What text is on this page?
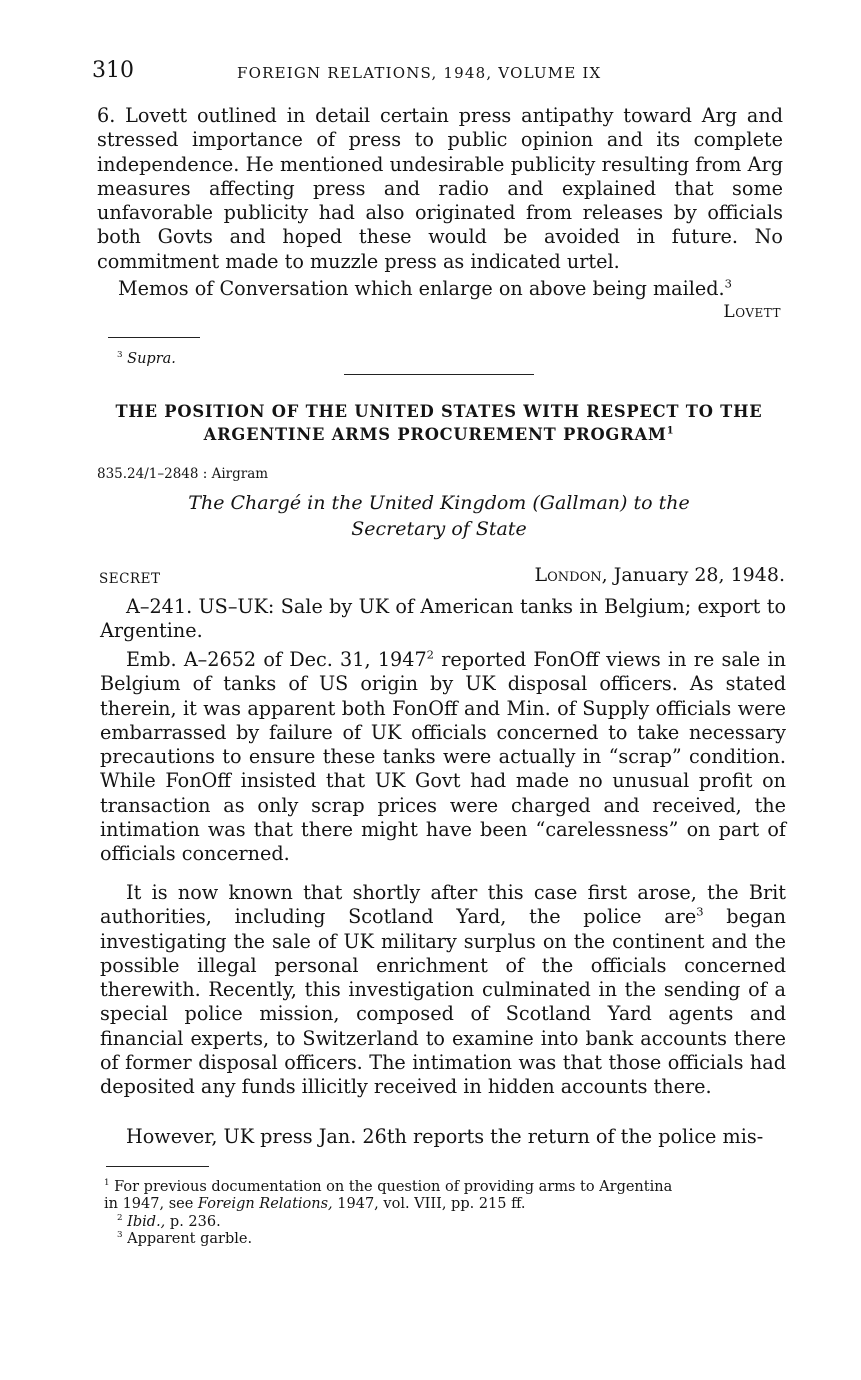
310	FOREIGN RELATIONS, 1948, VOLUME IX

6. Lovett outlined in detail certain press antipathy toward Arg and stressed importance of press to public opinion and its complete independence. He mentioned undesirable publicity resulting from Arg measures affecting press and radio and explained that some unfavorable publicity had also originated from releases by officials both Govts and hoped these would be avoided in future. No commitment made to muzzle press as indicated urtel.

Memos of Conversation which enlarge on above being mailed.$^3$

Lovett
$^3$ Supra.

THE POSITION OF THE UNITED STATES WITH RESPECT TO THE
ARGENTINE ARMS PROCUREMENT PROGRAM$^1$

835.24/1–2848 : Airgram

The Chargé in the United Kingdom (Gallman) to the
Secretary of State

SECRET	London, January 28, 1948.

A–241. US–UK: Sale by UK of American tanks in Belgium; export to Argentine.

Emb. A–2652 of Dec. 31, 1947$^2$ reported FonOff views in re sale in Belgium of tanks of US origin by UK disposal officers. As stated therein, it was apparent both FonOff and Min. of Supply officials were embarrassed by failure of UK officials concerned to take necessary precautions to ensure these tanks were actually in “scrap” condition. While FonOff insisted that UK Govt had made no unusual profit on transaction as only scrap prices were charged and received, the intimation was that there might have been “carelessness” on part of officials concerned.

It is now known that shortly after this case first arose, the Brit authorities, including Scotland Yard, the police are$^3$ began investigating the sale of UK military surplus on the continent and the possible illegal personal enrichment of the officials concerned therewith. Recently, this investigation culminated in the sending of a special police mission, composed of Scotland Yard agents and financial experts, to Switzerland to examine into bank accounts there of former disposal officers. The intimation was that those officials had deposited any funds illicitly received in hidden accounts there.

However, UK press Jan. 26th reports the return of the police mis-

$^1$ For previous documentation on the question of providing arms to Argentina
in 1947, see Foreign Relations, 1947, vol. VIII, pp. 215 ff.
$^2$ Ibid., p. 236.
$^3$ Apparent garble.
